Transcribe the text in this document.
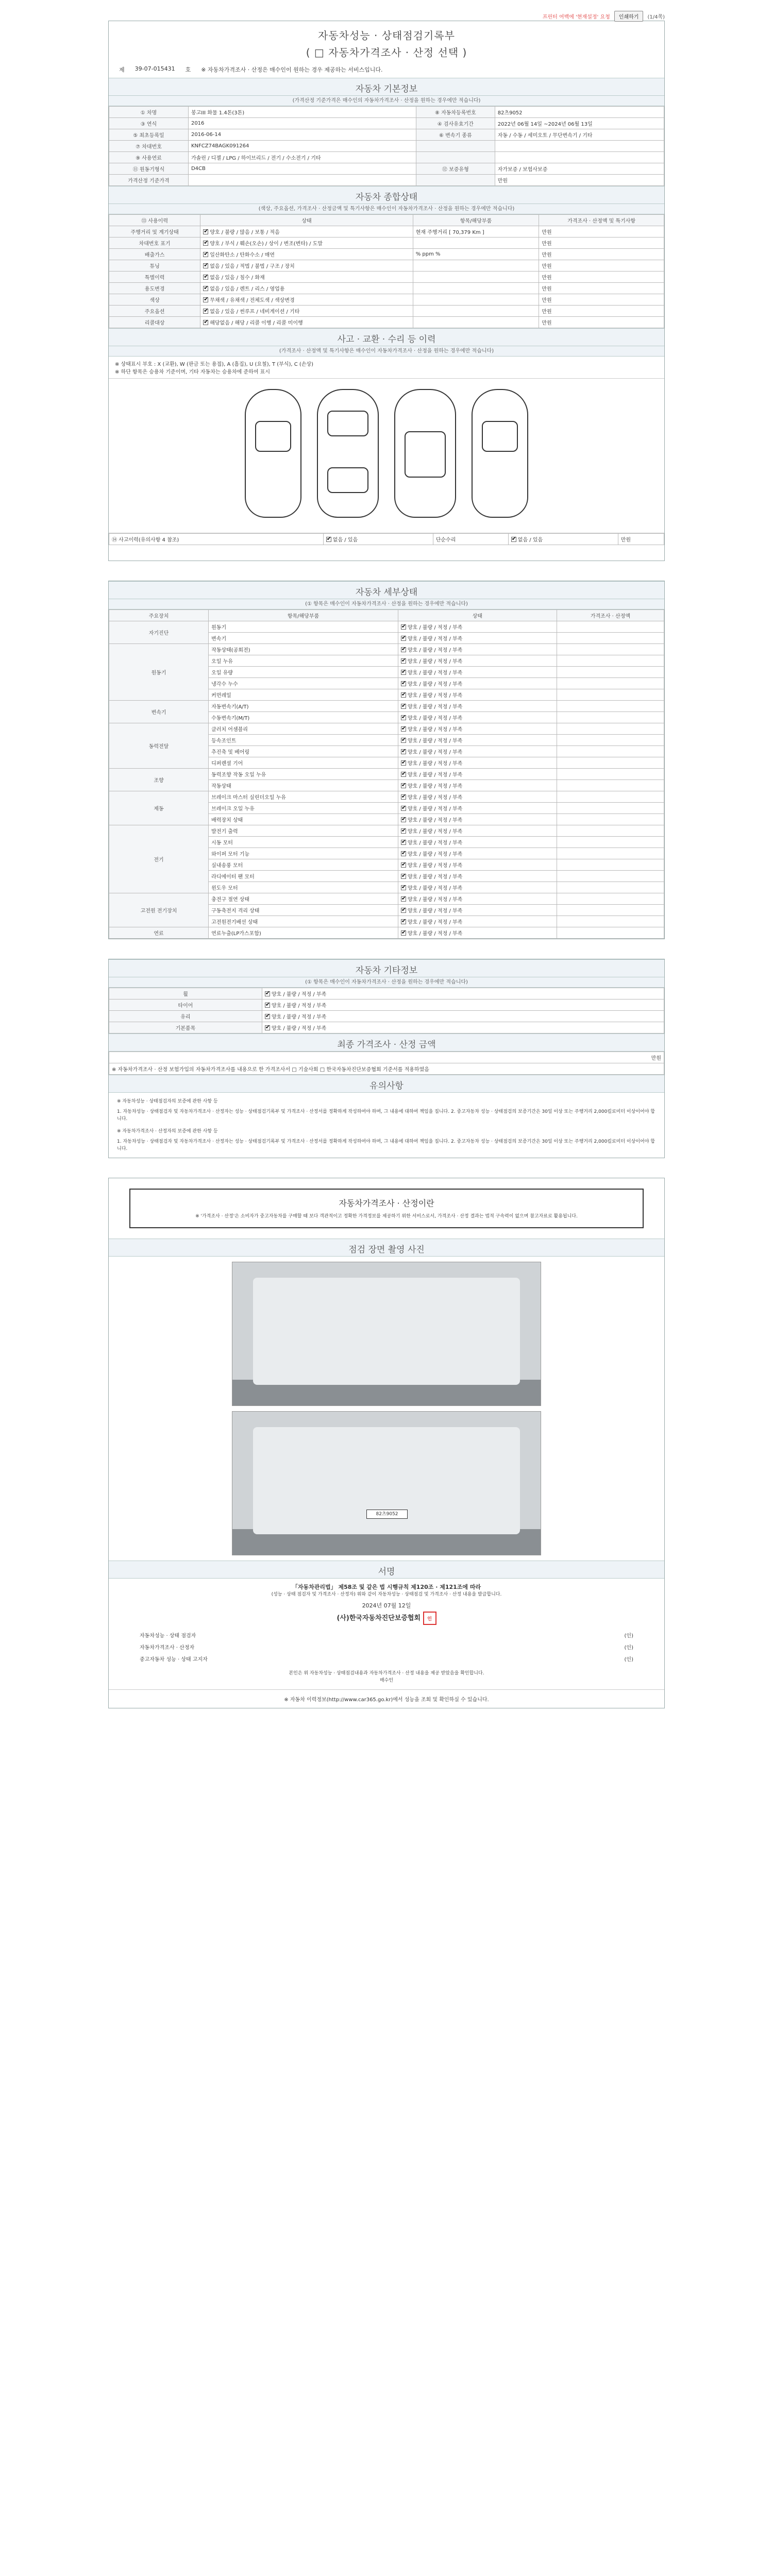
프린터 여백에 '현재설정' 요청	인쇄하기	(1/4쪽)
자동차성능 · 상태점검기록부
( □ 자동차가격조사 · 산정 선택 )
제 39-07-015431 호 ※ 자동차가격조사 · 산정은 매수인이 원하는 경우 제공하는 서비스입니다.
자동차 기본정보
(가격산정 기준가격은 매수인의 자동차가격조사 · 산정을 원하는 경우에만 적습니다)
① 차명	봉고III 화물 1.4톤(3톤)	⑧ 자동차등록번호	82츠9052
③ 연식	2016	④ 검사유효기간	2022년 06월 14일 ~2024년 06월 13일
⑤ 최초등록일	2016-06-14	⑥ 변속기 종류	자동 / 수동 / 세미오토 / 무단변속기 / 기타
⑦ 차대번호	KNFCZ74BAGK091264		
⑨ 사용연료	가솔린 / 디젤 / LPG / 하이브리드 / 전기 / 수소전기 / 기타		
⑪ 원동기형식	D4CB	⑫ 보증유형	자가보증 / 보험사보증
가격산정 기준가격			만원
자동차 종합상태
(색상, 주요옵션, 가격조사 · 산정금액 및 특기사항은 매수인이 자동차가격조사 · 산정을 원하는 경우에만 적습니다)
⑬ 사용이력	상태	항목/해당부품	가격조사 · 산정액 및 특기사항
주행거리 및 계기상태	✔양호 / 불량 / 많음 / 보통 / 적음	현재 주행거리 [ 70,379 Km ]	만원
차대번호 표기	✔양호 / 부식 / 훼손(오손) / 상이 / 변조(변타) / 도말		만원
배출가스	✔일산화탄소 / 탄화수소 / 매연	% ppm %	만원
튜닝	✔없음 / 있음 / 적법 / 불법 / 구조 / 장치		만원
특별이력	✔없음 / 있음 / 침수 / 화재		만원
용도변경	✔없음 / 있음 / 렌트 / 리스 / 영업용		만원
색상	✔무채색 / 유채색 / 전체도색 / 색상변경		만원
주요옵션	✔없음 / 있음 / 썬루프 / 네비게이션 / 기타		만원
리콜대상	✔해당없음 / 해당 / 리콜 이행 / 리콜 미이행		만원
사고 · 교환 · 수리 등 이력
(가격조사 · 산정액 및 특기사항은 매수인이 자동차가격조사 · 산정을 원하는 경우에만 적습니다)
※ 상태표시 부호 : X (교환), W (판금 또는 용접), A (흠집), U (요철), T (부식), C (손상)
※ 하단 항목은 승용차 기준이며, 기타 자동차는 승용차에 준하여 표시
⑭ 사고이력(유의사항 4 참조)	✔없음 / 있음	단순수리	✔없음 / 있음	만원
자동차 세부상태
(① 항목은 매수인이 자동차가격조사 · 산정을 원하는 경우에만 적습니다)
주요장치	항목/해당부품	상태	가격조사 · 산정액
자기진단	원동기	✔양호 / 불량 / 적정 / 부족	
	변속기	✔양호 / 불량 / 적정 / 부족	
원동기	작동상태(공회전)	✔양호 / 불량 / 적정 / 부족	
	오일 누유	✔양호 / 불량 / 적정 / 부족	
	오일 유량	✔양호 / 불량 / 적정 / 부족	
	냉각수 누수	✔양호 / 불량 / 적정 / 부족	
	커먼레일	✔양호 / 불량 / 적정 / 부족	
변속기	자동변속기(A/T)	✔양호 / 불량 / 적정 / 부족	
	수동변속기(M/T)	✔양호 / 불량 / 적정 / 부족	
동력전달	클러치 어셈블리	✔양호 / 불량 / 적정 / 부족	
	등속조인트	✔양호 / 불량 / 적정 / 부족	
	추진축 및 베어링	✔양호 / 불량 / 적정 / 부족	
	디퍼렌셜 기어	✔양호 / 불량 / 적정 / 부족	
조향	동력조향 작동 오일 누유	✔양호 / 불량 / 적정 / 부족	
	작동상태	✔양호 / 불량 / 적정 / 부족	
제동	브레이크 마스터 실린더오일 누유	✔양호 / 불량 / 적정 / 부족	
	브레이크 오일 누유	✔양호 / 불량 / 적정 / 부족	
	배력장치 상태	✔양호 / 불량 / 적정 / 부족	
전기	발전기 출력	✔양호 / 불량 / 적정 / 부족	
	시동 모터	✔양호 / 불량 / 적정 / 부족	
	와이퍼 모터 기능	✔양호 / 불량 / 적정 / 부족	
	실내송풍 모터	✔양호 / 불량 / 적정 / 부족	
	라디에이터 팬 모터	✔양호 / 불량 / 적정 / 부족	
	윈도우 모터	✔양호 / 불량 / 적정 / 부족	
고전원 전기장치	충전구 절연 상태	✔양호 / 불량 / 적정 / 부족	
	구동축전지 격리 상태	✔양호 / 불량 / 적정 / 부족	
	고전원전기배선 상태	✔양호 / 불량 / 적정 / 부족	
연료	연료누출(LP가스포함)	✔양호 / 불량 / 적정 / 부족	
자동차 기타정보
(① 항목은 매수인이 자동차가격조사 · 산정을 원하는 경우에만 적습니다)
휠	✔양호 / 불량 / 적정 / 부족
타이어	✔양호 / 불량 / 적정 / 부족
유리	✔양호 / 불량 / 적정 / 부족
기본품목	✔양호 / 불량 / 적정 / 부족
최종 가격조사 · 산정 금액
만원
※ 자동차가격조사 · 산정 보험가입의 자동차가격조사를 내용으로 한 가격조사서 □ 기술사회 □ 한국자동차진단보증협회 기준서를 적용하였음
유의사항
※ 자동차성능 · 상태점검자의 보증에 관한 사항 등
1. 자동차성능 · 상태점검자 및 자동차가격조사 · 산정자는 성능 · 상태점검기록부 및 가격조사 · 산정서를 정확하게 작성하여야 하며, 그 내용에 대하여 책임을 집니다. 2. 중고자동차 성능 · 상태점검의 보증기간은 30일 이상 또는 주행거리 2,000킬로미터 이상이어야 합니다.
※ 자동차가격조사 · 산정자의 보증에 관한 사항 등
1. 자동차성능 · 상태점검자 및 자동차가격조사 · 산정자는 성능 · 상태점검기록부 및 가격조사 · 산정서를 정확하게 작성하여야 하며, 그 내용에 대하여 책임을 집니다. 2. 중고자동차 성능 · 상태점검의 보증기간은 30일 이상 또는 주행거리 2,000킬로미터 이상이어야 합니다.
자동차가격조사 · 산정이란
※ '가격조사 · 산정'은 소비자가 중고자동차를 구매할 때 보다 객관적이고 정확한 가격정보를 제공하기 위한 서비스로서, 가격조사 · 산정 결과는 법적 구속력이 없으며 참고자료로 활용됩니다.
점검 장면 촬영 사진
82츠9052
서명
「자동차관리법」 제58조 및 같은 법 시행규칙 제120조 · 제121조에 따라
(성능 · 상태 점검자 및 가격조사 · 산정자) 위와 같이 자동차성능 · 상태점검 및 가격조사 · 산정 내용을 발급합니다.
2024년 07월 12일
(사)한국자동차진단보증협회 인
자동차성능 · 상태 점검자	(인)
자동차가격조사 · 산정자	(인)
중고자동차 성능 · 상태 고지자	(인)
본인은 위 자동차성능 · 상태점검내용과 자동차가격조사 · 산정 내용을 제공 받았음을 확인합니다.
매수인
※ 자동차 이력정보(http://www.car365.go.kr)에서 성능을 조회 및 확인하실 수 있습니다.
